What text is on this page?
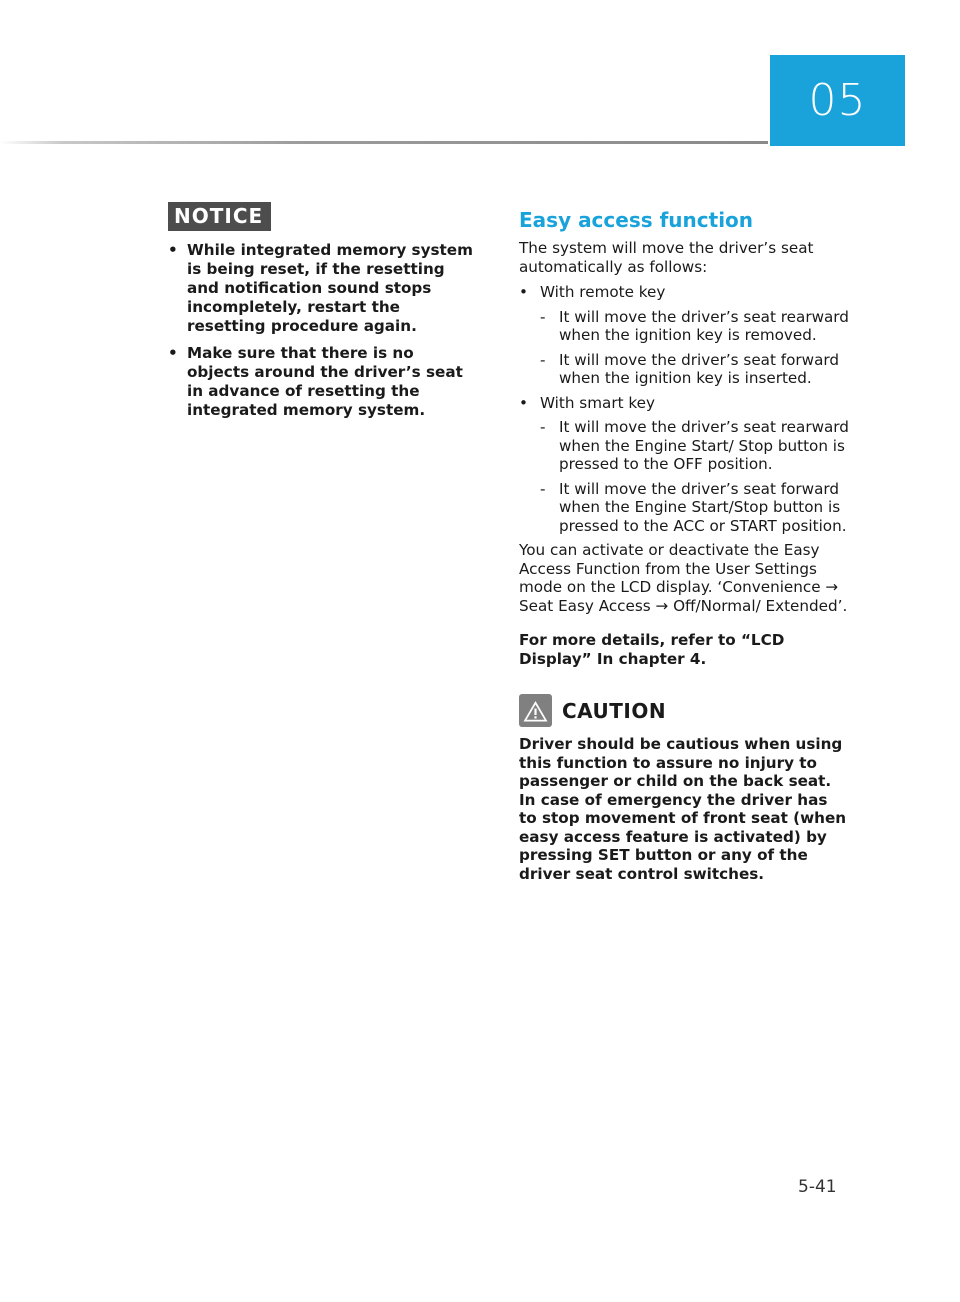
05
NOTICE
• While integrated memory system is being reset, if the resetting and notification sound stops incompletely, restart the resetting procedure again.
• Make sure that there is no objects around the driver’s seat in advance of resetting the integrated memory system.
Easy access function

The system will move the driver’s seat automatically as follows:

• With remote key
- It will move the driver’s seat rearward when the ignition key is removed.
- It will move the driver’s seat forward when the ignition key is inserted.
• With smart key
- It will move the driver’s seat rearward when the Engine Start/ Stop button is pressed to the OFF position.
- It will move the driver’s seat forward when the Engine Start/Stop button is pressed to the ACC or START position.

You can activate or deactivate the Easy Access Function from the User Settings mode on the LCD display. ‘Convenience → Seat Easy Access → Off/Normal/ Extended’.

For more details, refer to “LCD Display” In chapter 4.

CAUTION

Driver should be cautious when using this function to assure no injury to passenger or child on the back seat. In case of emergency the driver has to stop movement of front seat (when easy access feature is activated) by pressing SET button or any of the driver seat control switches.

5-41
